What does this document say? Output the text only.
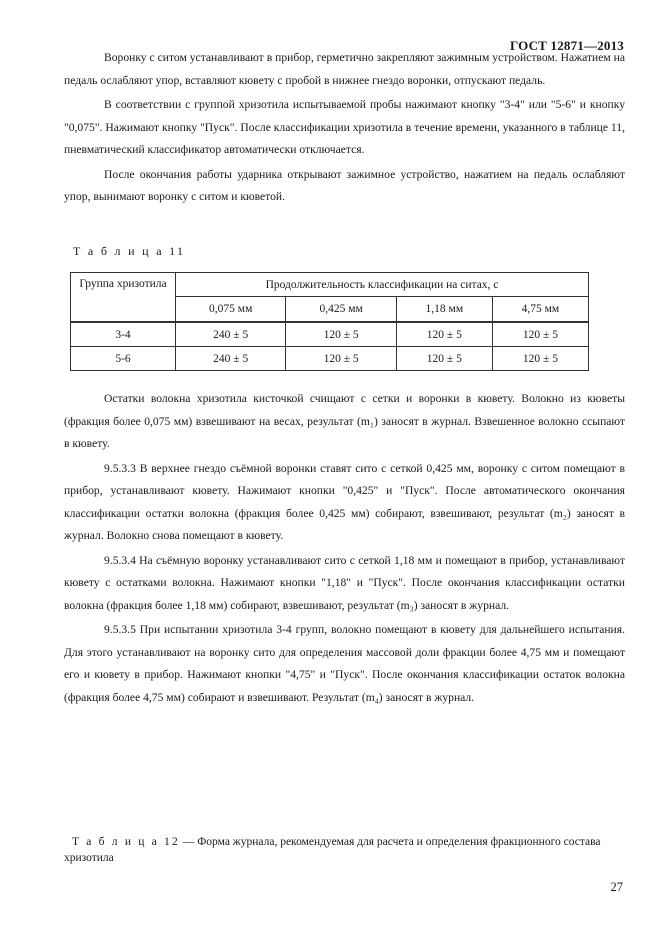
ГОСТ 12871—2013

Воронку с ситом устанавливают в прибор, герметично закрепляют зажимным устройством. Нажатием на педаль ослабляют упор, вставляют кювету с пробой в нижнее гнездо воронки, отпускают педаль.

В соответствии с группой хризотила испытываемой пробы нажимают кнопку "3-4" или "5-6" и кнопку "0,075". Нажимают кнопку "Пуск". После классификации хризотила в течение времени, указанного в таблице 11, пневматический классификатор автоматически отключается.

После окончания работы ударника открывают зажимное устройство, нажатием на педаль ослабляют упор, вынимают воронку с ситом и кюветой.

Т а б л и ц а 11
Группа хризотила	Продолжительность классификации на ситах, с			
	0,075 мм	0,425 мм	1,18 мм	4,75 мм
3-4	240 ± 5	120 ± 5	120 ± 5	120 ± 5
5-6	240 ± 5	120 ± 5	120 ± 5	120 ± 5

Остатки волокна хризотила кисточкой счищают с сетки и воронки в кювету. Волокно из кюветы (фракция более 0,075 мм) взвешивают на весах, результат (m₁) заносят в журнал. Взвешенное волокно ссыпают в кювету.

9.5.3.3 В верхнее гнездо съёмной воронки ставят сито с сеткой 0,425 мм, воронку с ситом помещают в прибор, устанавливают кювету. Нажимают кнопки "0,425" и "Пуск". После автоматического окончания классификации остатки волокна (фракция более 0,425 мм) собирают, взвешивают, результат (m₂) заносят в журнал. Волокно снова помещают в кювету.

9.5.3.4 На съёмную воронку устанавливают сито с сеткой 1,18 мм и помещают в прибор, устанавливают кювету с остатками волокна. Нажимают кнопки "1,18" и "Пуск". После окончания классификации остатки волокна (фракция более 1,18 мм) собирают, взвешивают, результат (m₃) заносят в журнал.

9.5.3.5 При испытании хризотила 3-4 групп, волокно помещают в кювету для дальнейшего испытания. Для этого устанавливают на воронку сито для определения массовой доли фракции более 4,75 мм и помещают его и кювету в прибор. Нажимают кнопки "4,75" и "Пуск". После окончания классификации остаток волокна (фракция более 4,75 мм) собирают и взвешивают. Результат (m₄) заносят в журнал.

Т а б л и ц а 12 — Форма журнала, рекомендуемая для расчета и определения фракционного состава хризотила
27
